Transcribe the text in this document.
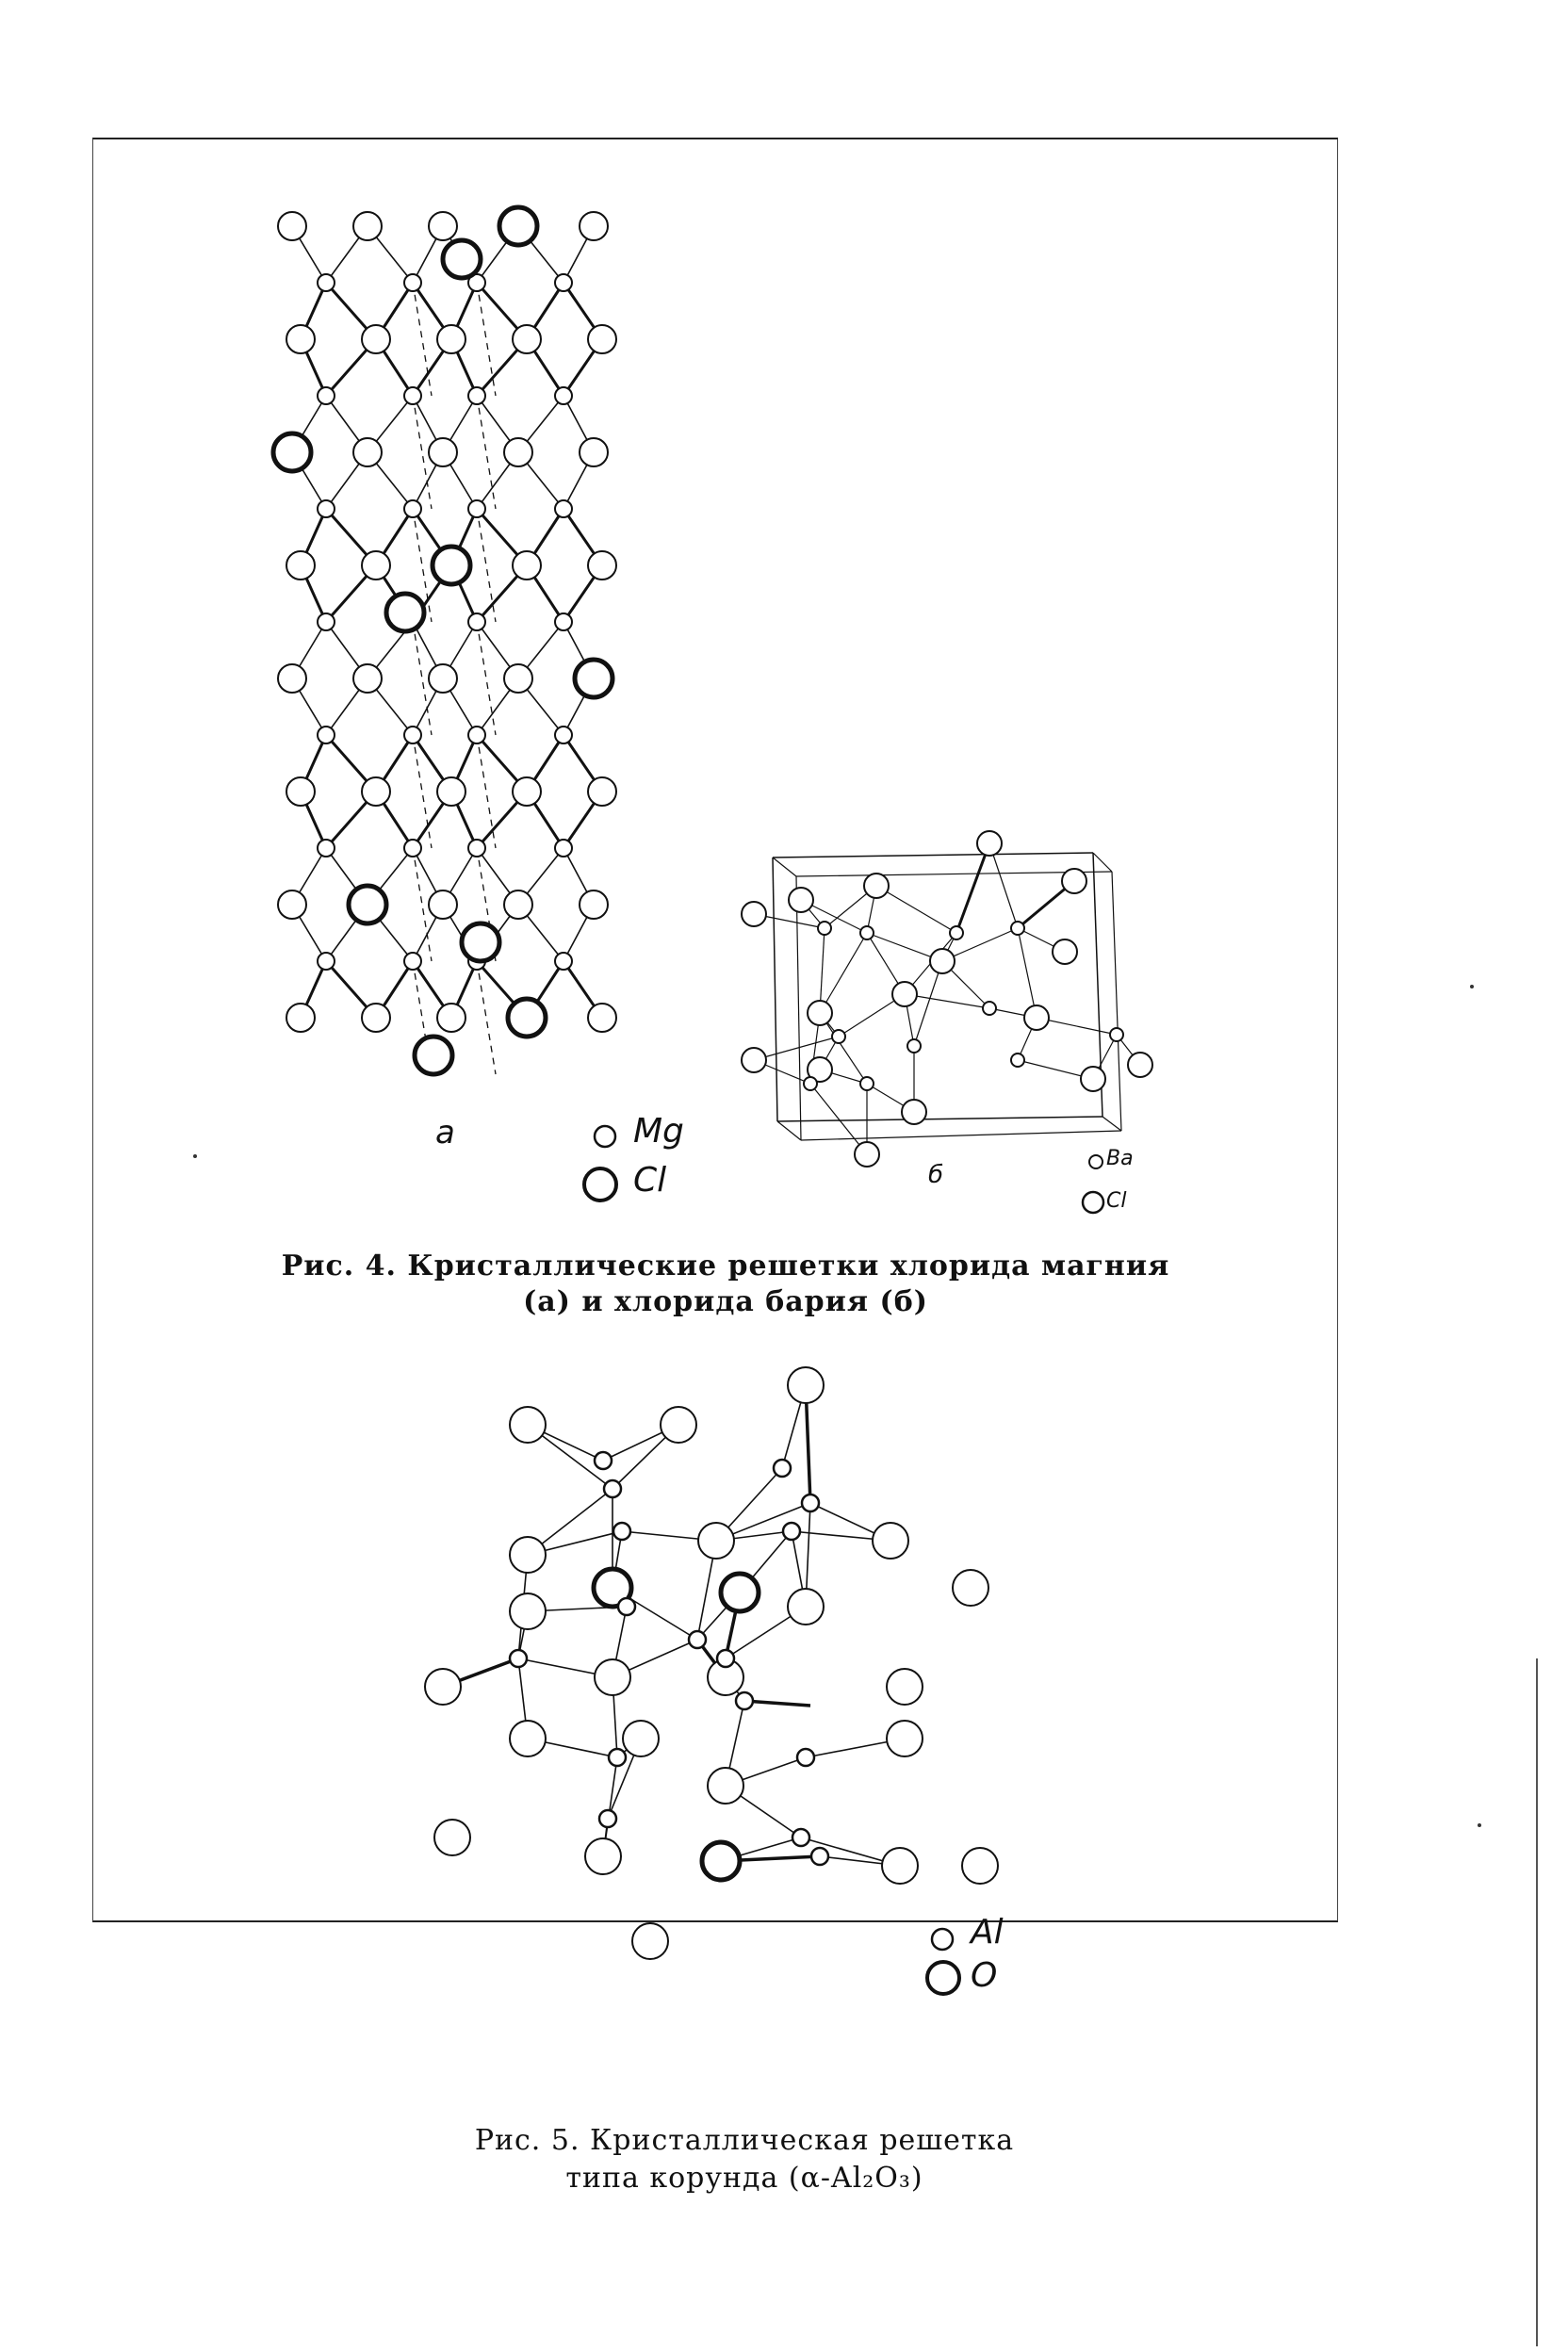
a
б
Mg
Cl
Ba
Cl
Рис. 4. Кристаллические решетки хлорида магния
(а) и хлорида бария (б)
Al
O
Рис. 5. Кристаллическая решетка
типа корунда (α-Al₂O₃)
